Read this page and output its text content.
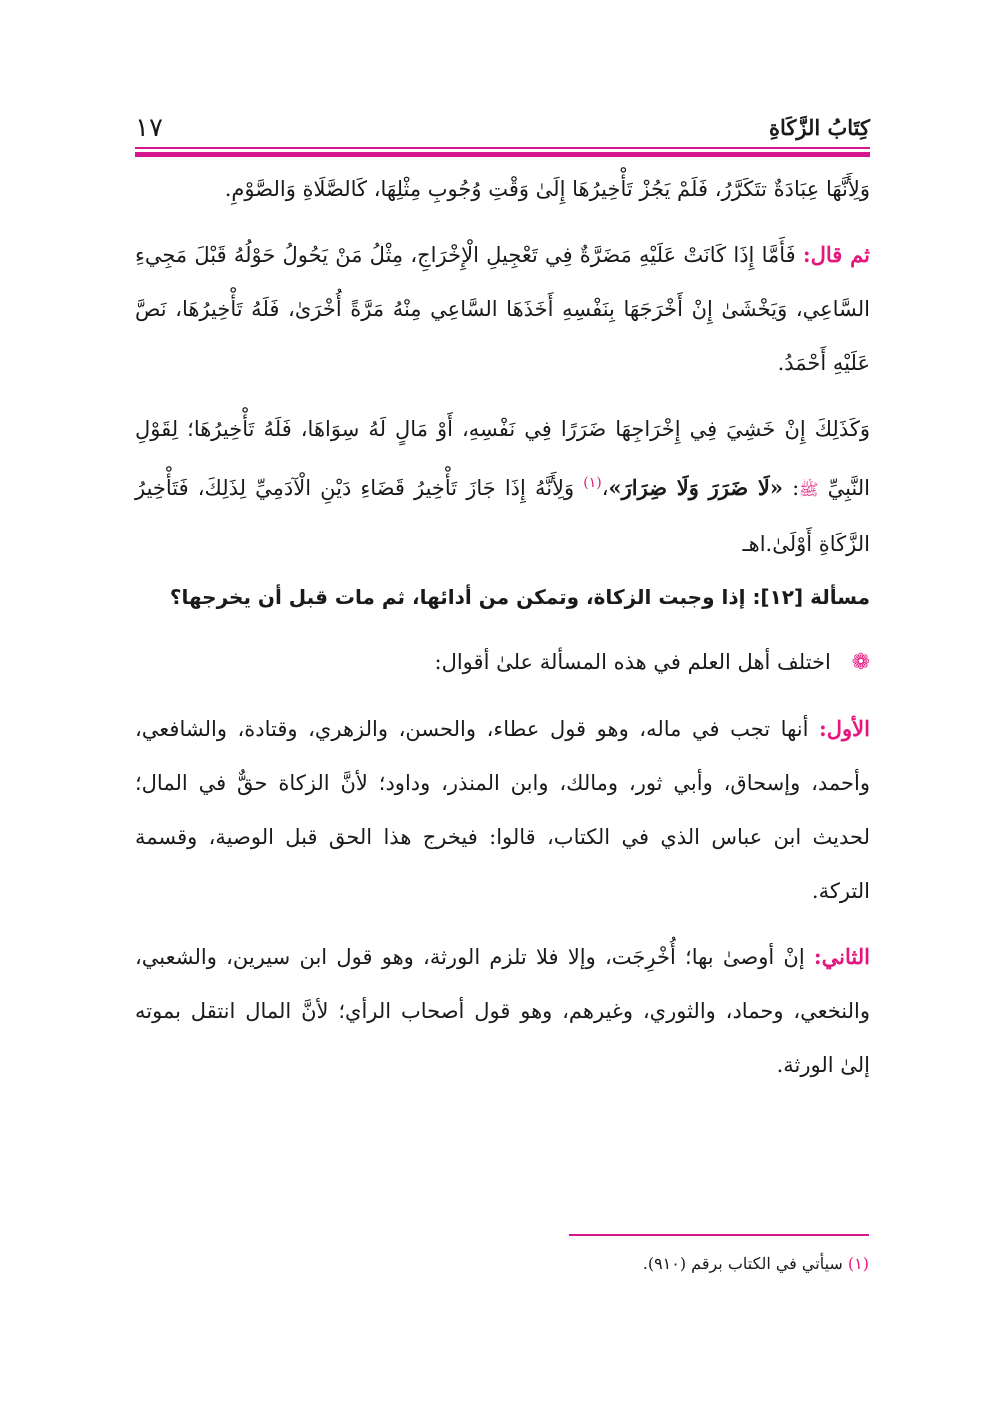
كِتَابُ الزَّكَاةِ
١٧

وَلِأَنَّهَا عِبَادَةٌ تتَكَرَّرُ، فَلَمْ يَجُزْ تَأْخِيرُهَا إِلَىٰ وَقْتِ وُجُوبِ مِثْلِهَا، كَالصَّلَاةِ وَالصَّوْمِ.

ثم قال: فَأَمَّا إِذَا كَانَتْ عَلَيْهِ مَضَرَّةٌ فِي تَعْجِيلِ الْإِخْرَاجِ، مِثْلُ مَنْ يَحُولُ حَوْلُهُ قَبْلَ مَجِيءِ السَّاعِي، وَيَخْشَىٰ إِنْ أَخْرَجَهَا بِنَفْسِهِ أَخَذَهَا السَّاعِي مِنْهُ مَرَّةً أُخْرَىٰ، فَلَهُ تَأْخِيرُهَا، نَصَّ عَلَيْهِ أَحْمَدُ.

وَكَذَلِكَ إِنْ خَشِيَ فِي إِخْرَاجِهَا ضَرَرًا فِي نَفْسِهِ، أَوْ مَالٍ لَهُ سِوَاهَا، فَلَهُ تَأْخِيرُهَا؛ لِقَوْلِ النَّبِيِّ ﷺ: «لَا ضَرَرَ وَلَا ضِرَارَ»،$^{(١)}$ وَلِأَنَّهُ إِذَا جَازَ تَأْخِيرُ قَضَاءِ دَيْنِ الْآدَمِيِّ لِذَلِكَ، فَتَأْخِيرُ الزَّكَاةِ أَوْلَىٰ.اهـ

مسألة [١٢]: إذا وجبت الزكاة، وتمكن من أدائها، ثم مات قبل أن يخرجها؟

❁ اختلف أهل العلم في هذه المسألة علىٰ أقوال:

الأول: أنها تجب في ماله، وهو قول عطاء، والحسن، والزهري، وقتادة، والشافعي، وأحمد، وإسحاق، وأبي ثور، ومالك، وابن المنذر، وداود؛ لأنَّ الزكاة حقٌّ في المال؛ لحديث ابن عباس الذي في الكتاب، قالوا: فيخرج هذا الحق قبل الوصية، وقسمة التركة.

الثاني: إنْ أوصىٰ بها؛ أُخْرِجَت، وإلا فلا تلزم الورثة، وهو قول ابن سيرين، والشعبي، والنخعي، وحماد، والثوري، وغيرهم، وهو قول أصحاب الرأي؛ لأنَّ المال انتقل بموته إلىٰ الورثة.

(١) سيأتي في الكتاب برقم (٩١٠).
